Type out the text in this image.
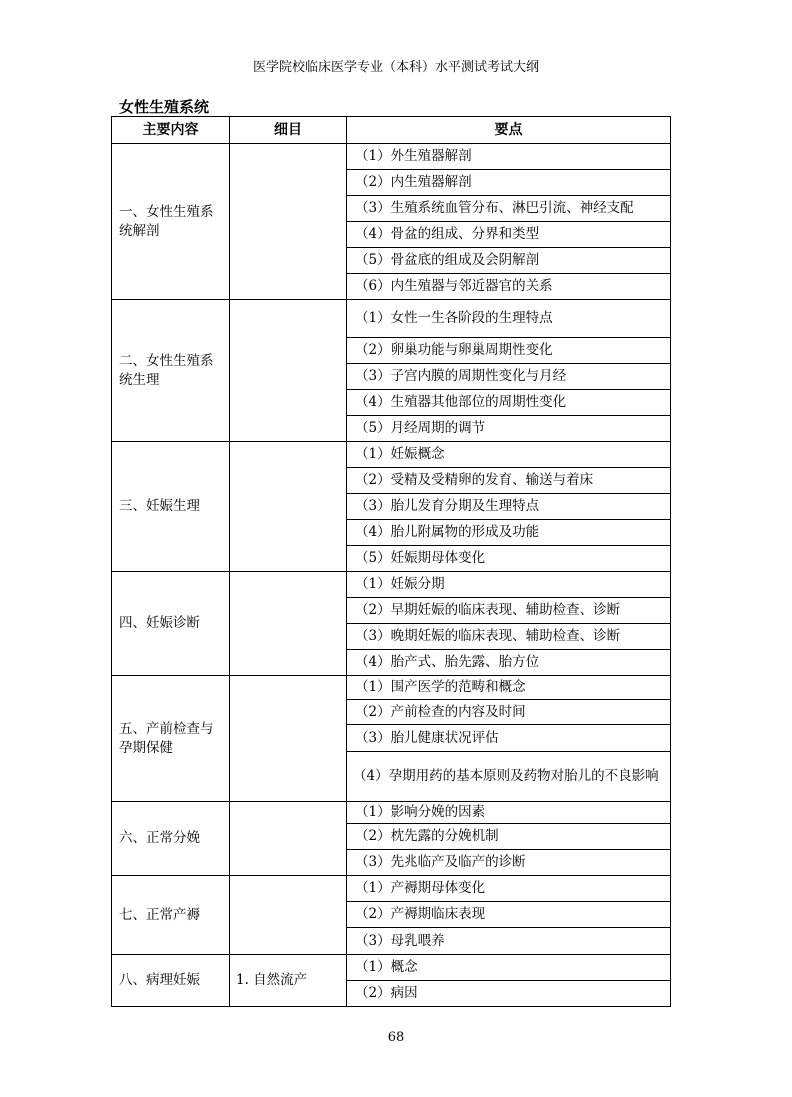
医学院校临床医学专业（本科）水平测试考试大纲
女性生殖系统
主要内容	细目	要点
一、女性生殖系统解剖		（1）外生殖器解剖
		（2）内生殖器解剖
		（3）生殖系统血管分布、淋巴引流、神经支配
		（4）骨盆的组成、分界和类型
		（5）骨盆底的组成及会阴解剖
		（6）内生殖器与邻近器官的关系
二、女性生殖系统生理		（1）女性一生各阶段的生理特点
		（2）卵巢功能与卵巢周期性变化
		（3）子宫内膜的周期性变化与月经
		（4）生殖器其他部位的周期性变化
		（5）月经周期的调节
三、妊娠生理		（1）妊娠概念
		（2）受精及受精卵的发育、输送与着床
		（3）胎儿发育分期及生理特点
		（4）胎儿附属物的形成及功能
		（5）妊娠期母体变化
四、妊娠诊断		（1）妊娠分期
		（2）早期妊娠的临床表现、辅助检查、诊断
		（3）晚期妊娠的临床表现、辅助检查、诊断
		（4）胎产式、胎先露、胎方位
五、产前检查与孕期保健		（1）围产医学的范畴和概念
		（2）产前检查的内容及时间
		（3）胎儿健康状况评估
		（4）孕期用药的基本原则及药物对胎儿的不良影响
六、正常分娩		（1）影响分娩的因素
		（2）枕先露的分娩机制
		（3）先兆临产及临产的诊断
七、正常产褥		（1）产褥期母体变化
		（2）产褥期临床表现
		（3）母乳喂养
八、病理妊娠	1. 自然流产	（1）概念
		（2）病因
68
